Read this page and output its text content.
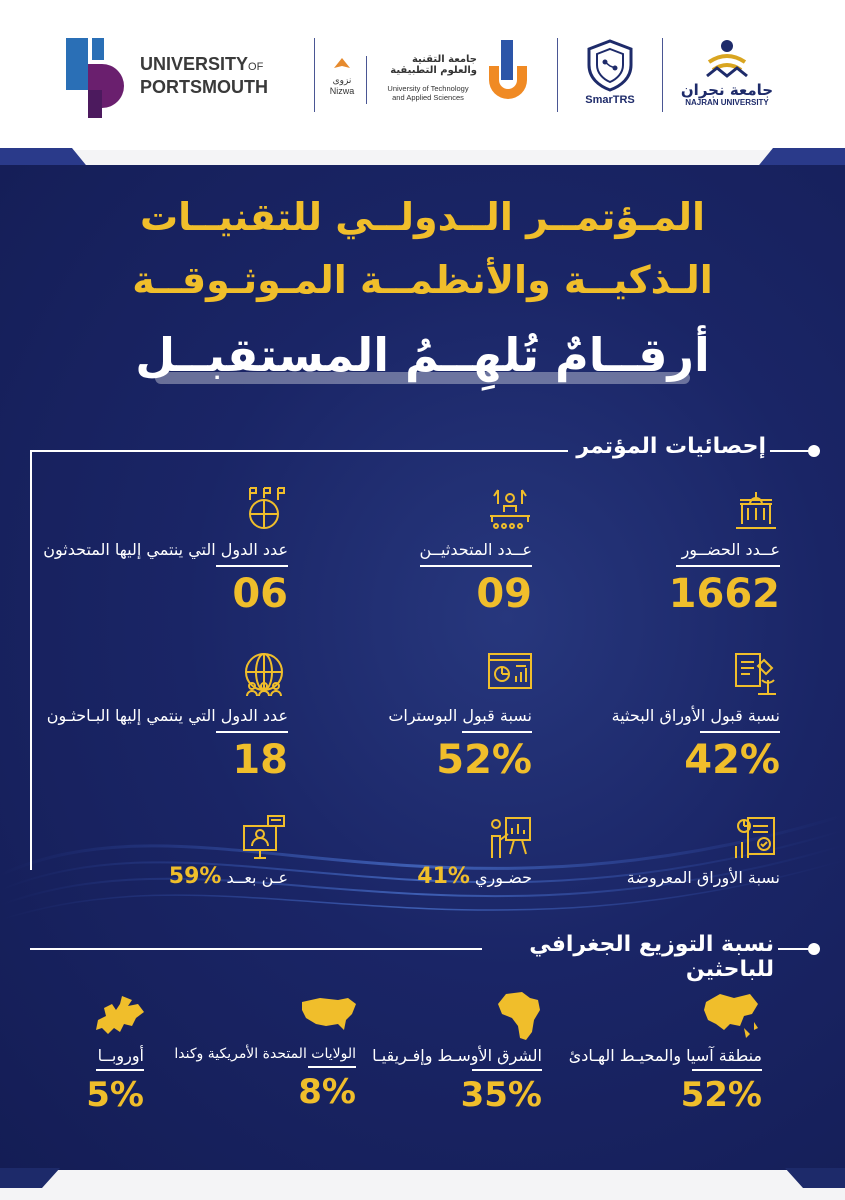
UNIVERSITYOF
PORTSMOUTH	نزوى
Nizwa
جامعة التقنية
والعلوم التطبيقية
University of Technology
and Applied Sciences	SmarTRS
جامعة نجران
NAJRAN UNIVERSITY
المـؤتمــر الــدولــي للتقنيــات
الـذكيــة والأنظمــة المـوثـوقــة
أرقــامٌ تُلهِــمُ المستقبــل
إحصائيات المؤتمر
عــدد الحضــور
1662
عــدد المتحدثيــن
09
عدد الدول التي ينتمي إليها المتحدثون
06
نسبة قبول الأوراق البحثية
42%
نسبة قبول البوسترات
52%
عدد الدول التي ينتمي إليها البـاحثـون
18
نسبة الأوراق المعروضة
حضـوري 41%
عـن بعــد 59%
نسبة التوزيع الجغرافي للباحثين
منطقة آسيا والمحيـط الهـادئ
52%
الشرق الأوسـط وإفـريقيـا
35%
الولايات المتحدة الأمريكية وكندا
8%
أوروبــا
5%
